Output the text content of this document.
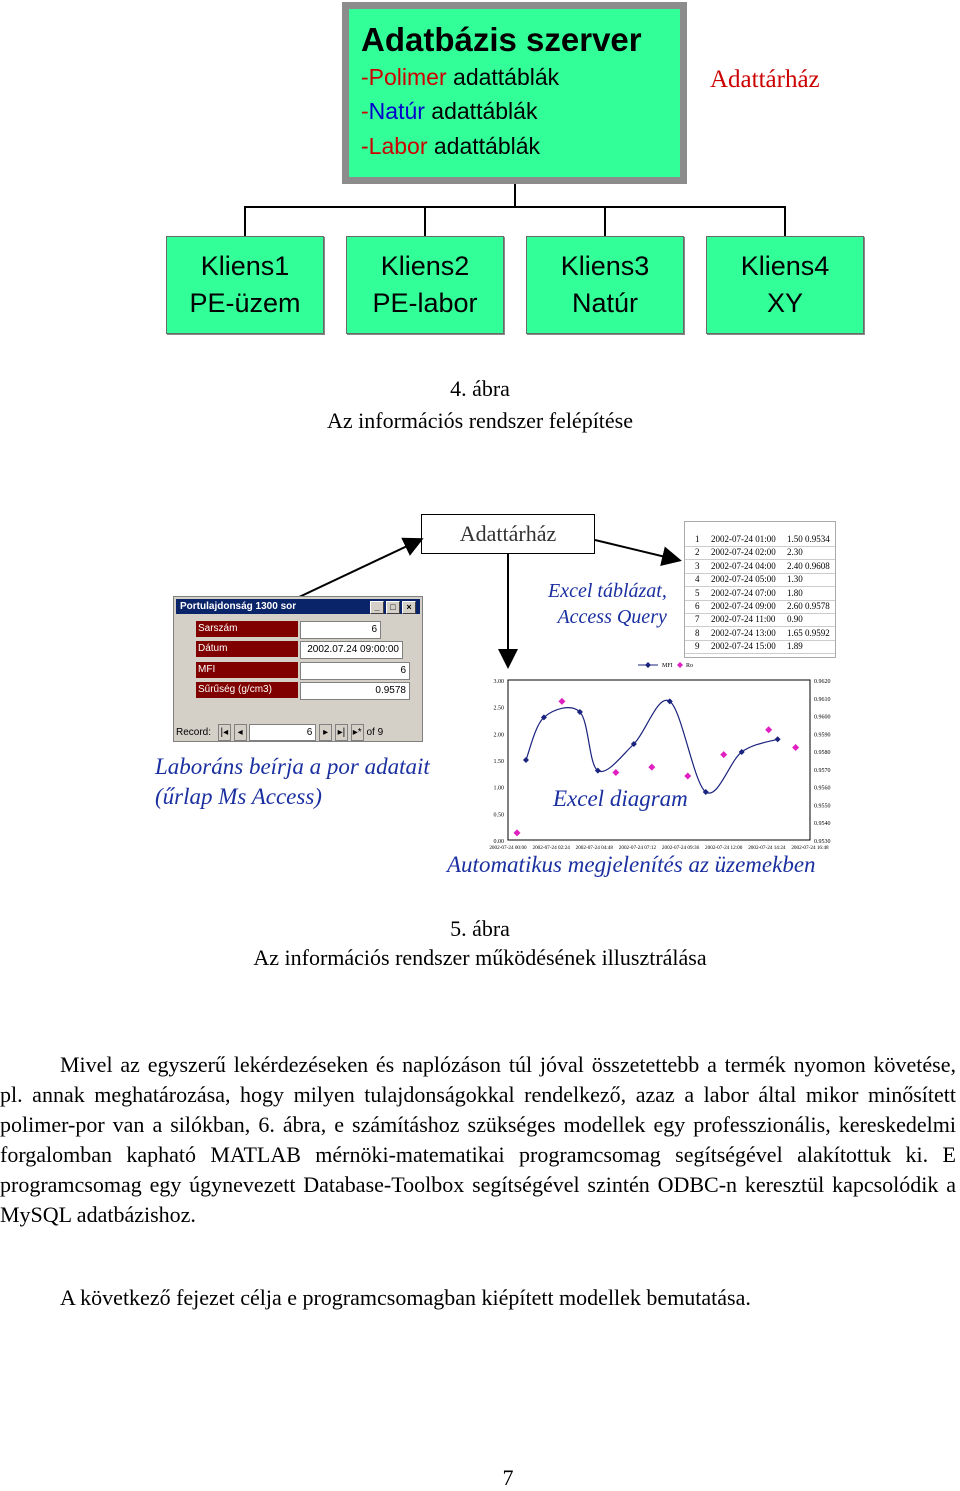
Adatbázis szerver
-Polimer adattáblák
-Natúr adattáblák
-Labor adattáblák
Adattárház
Kliens1
PE-üzem
Kliens2
PE-labor
Kliens3
Natúr
Kliens4
XY
4. ábra
Az információs rendszer felépítése
Adattárház
Excel táblázat,
Access Query
Portulajdonság 1300 sor	_	□	×
Sarszám	6
Dátum	2002.07.24 09:00:00
MFI	6
Sűrűség (g/cm3)	0.9578
Record: |◂ ◂	6 ▸ ▸| ▸* of 9
Laboráns beírja a por adatait
(űrlap Ms Access)
1 2002-07-24 01:00 1.50 0.9534
2 2002-07-24 02:00 2.30
3 2002-07-24 04:00 2.40 0.9608
4 2002-07-24 05:00 1.30
5 2002-07-24 07:00 1.80
6 2002-07-24 09:00 2.60 0.9578
7 2002-07-24 11:00 0.90
8 2002-07-24 13:00 1.65 0.9592
9 2002-07-24 15:00 1.89
0.00
0.50
1.00
1.50
2.00
2.50
3.00
0.9530
0.9540
0.9550
0.9560
0.9570
0.9580
0.9590
0.9600
0.9610
0.9620
2002-07-24 00:00 2002-07-24 02:24 2002-07-24 04:48 2002-07-24 07:12 2002-07-24 09:36 2002-07-24 12:00 2002-07-24 14:24 2002-07-24 16:48
MFI Ro
Excel diagram
Automatikus megjelenítés az üzemekben
5. ábra
Az információs rendszer működésének illusztrálása

Mivel az egyszerű lekérdezéseken és naplózáson túl jóval összetettebb a termék nyomon követése, pl. annak meghatározása, hogy milyen tulajdonságokkal rendelkező, azaz a labor által mikor minősített polimer-por van a silókban, 6. ábra, e számításhoz szükséges modellek egy professzionális, kereskedelmi forgalomban kapható MATLAB mérnöki-matematikai programcsomag segítségével alakítottuk ki. E programcsomag egy úgynevezett Database-Toolbox segítségével szintén ODBC-n keresztül kapcsolódik a MySQL adatbázishoz.

A következő fejezet célja e programcsomagban kiépített modellek bemutatása.
7
